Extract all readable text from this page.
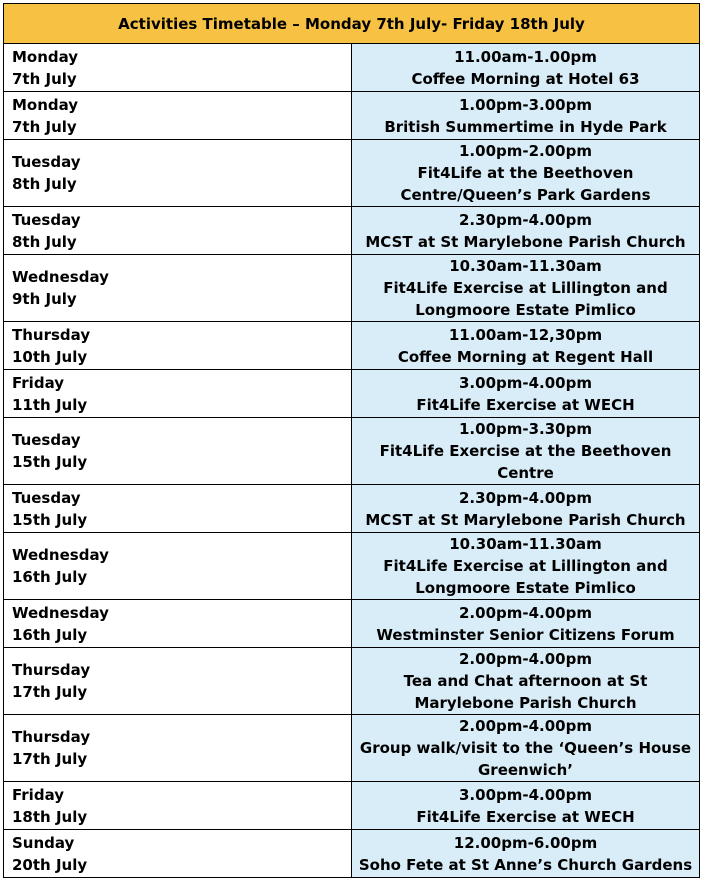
Activities Timetable – Monday 7th July- Friday 18th July	

Monday
7th July	11.00am-1.00pm
Coffee Morning at Hotel 63

Monday
7th July	1.00pm-3.00pm
British Summertime in Hyde Park

Tuesday
8th July	1.00pm-2.00pm
Fit4Life at the Beethoven Centre/Queen’s Park Gardens

Tuesday
8th July	2.30pm-4.00pm
MCST at St Marylebone Parish Church

Wednesday
9th July	10.30am-11.30am
Fit4Life Exercise at Lillington and Longmoore Estate Pimlico

Thursday
10th July	11.00am-12,30pm
Coffee Morning at Regent Hall

Friday
11th July	3.00pm-4.00pm
Fit4Life Exercise at WECH

Tuesday
15th July	1.00pm-3.30pm
Fit4Life Exercise at the Beethoven Centre

Tuesday
15th July	2.30pm-4.00pm
MCST at St Marylebone Parish Church

Wednesday
16th July	10.30am-11.30am
Fit4Life Exercise at Lillington and Longmoore Estate Pimlico

Wednesday
16th July	2.00pm-4.00pm
Westminster Senior Citizens Forum

Thursday
17th July	2.00pm-4.00pm
Tea and Chat afternoon at St Marylebone Parish Church

Thursday
17th July	2.00pm-4.00pm
Group walk/visit to the ‘Queen’s House Greenwich’

Friday
18th July	3.00pm-4.00pm
Fit4Life Exercise at WECH

Sunday
20th July	12.00pm-6.00pm
Soho Fete at St Anne’s Church Gardens
